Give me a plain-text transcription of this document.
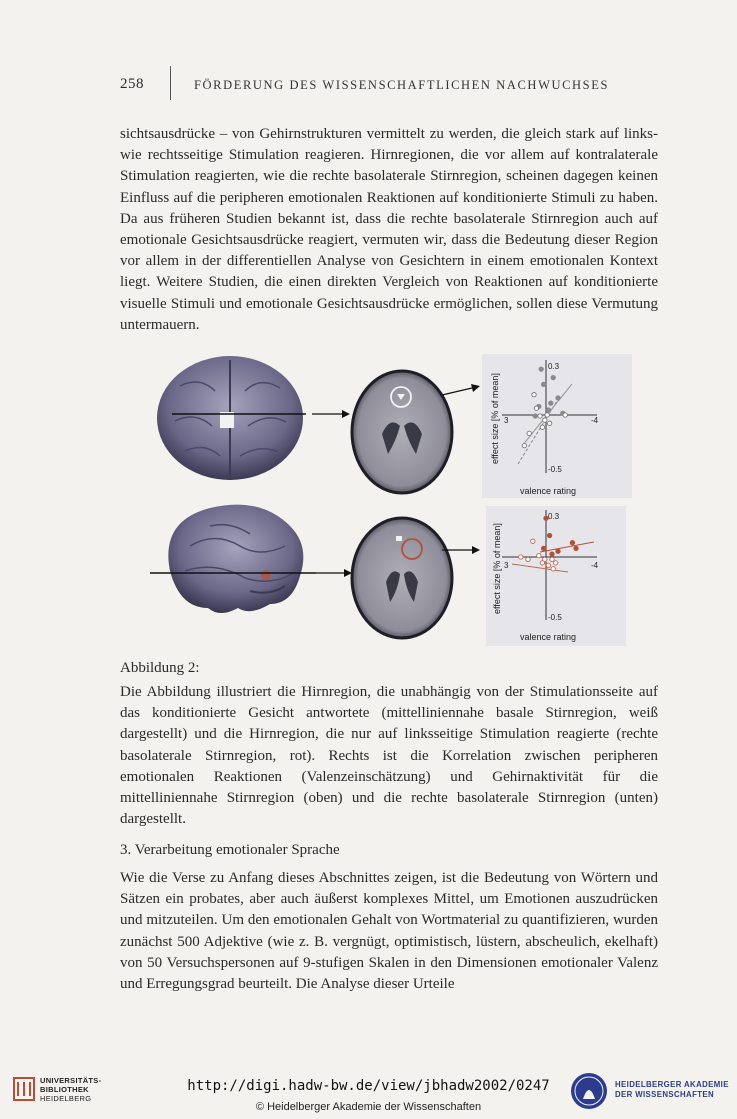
258	FÖRDERUNG DES WISSENSCHAFTLICHEN NACHWUCHSES

sichtsausdrücke – von Gehirnstrukturen vermittelt zu werden, die gleich stark auf links- wie rechtsseitige Stimulation reagieren. Hirnregionen, die vor allem auf kontralaterale Stimulation reagierten, wie die rechte basolaterale Stirnregion, scheinen dagegen keinen Einfluss auf die peripheren emotionalen Reaktionen auf konditionierte Stimuli zu haben. Da aus früheren Studien bekannt ist, dass die rechte basolaterale Stirnregion auch auf emotionale Gesichtsausdrücke reagiert, vermuten wir, dass die Bedeutung dieser Region vor allem in der differentiellen Analyse von Gesichtern in einem emotionalen Kontext liegt. Weitere Studien, die einen direkten Vergleich von Reaktionen auf konditionierte visuelle Stimuli und emotionale Gesichtsausdrücke ermöglichen, sollen diese Vermutung untermauern.

0.3
-0.5
3	-4
valence rating
effect size [% of mean]
0.3
-0.5
3	-4
valence rating
effect size [% of mean]
Abbildung 2:

Die Abbildung illustriert die Hirnregion, die unabhängig von der Stimulationsseite auf das konditionierte Gesicht antwortete (mittelliniennahe basale Stirnregion, weiß dargestellt) und die Hirnregion, die nur auf linksseitige Stimulation reagierte (rechte basolaterale Stirnregion, rot). Rechts ist die Korrelation zwischen peripheren emotionalen Reaktionen (Valenzeinschätzung) und Gehirnaktivität für die mittelliniennahe Stirnregion (oben) und die rechte basolaterale Stirnregion (unten) dargestellt.

3. Verarbeitung emotionaler Sprache

Wie die Verse zu Anfang dieses Abschnittes zeigen, ist die Bedeutung von Wörtern und Sätzen ein probates, aber auch äußerst komplexes Mittel, um Emotionen auszudrücken und mitzuteilen. Um den emotionalen Gehalt von Wortmaterial zu quantifizieren, wurden zunächst 500 Adjektive (wie z. B. vergnügt, optimistisch, lüstern, abscheulich, ekelhaft) von 50 Versuchspersonen auf 9-stufigen Skalen in den Dimensionen emotionaler Valenz und Erregungsgrad beurteilt. Die Analyse dieser Urteile

UNIVERSITÄTS-BIBLIOTHEK
HEIDELBERG
http://digi.hadw-bw.de/view/jbhadw2002/0247
© Heidelberger Akademie der Wissenschaften
HEIDELBERGER AKADEMIE
DER WISSENSCHAFTEN
